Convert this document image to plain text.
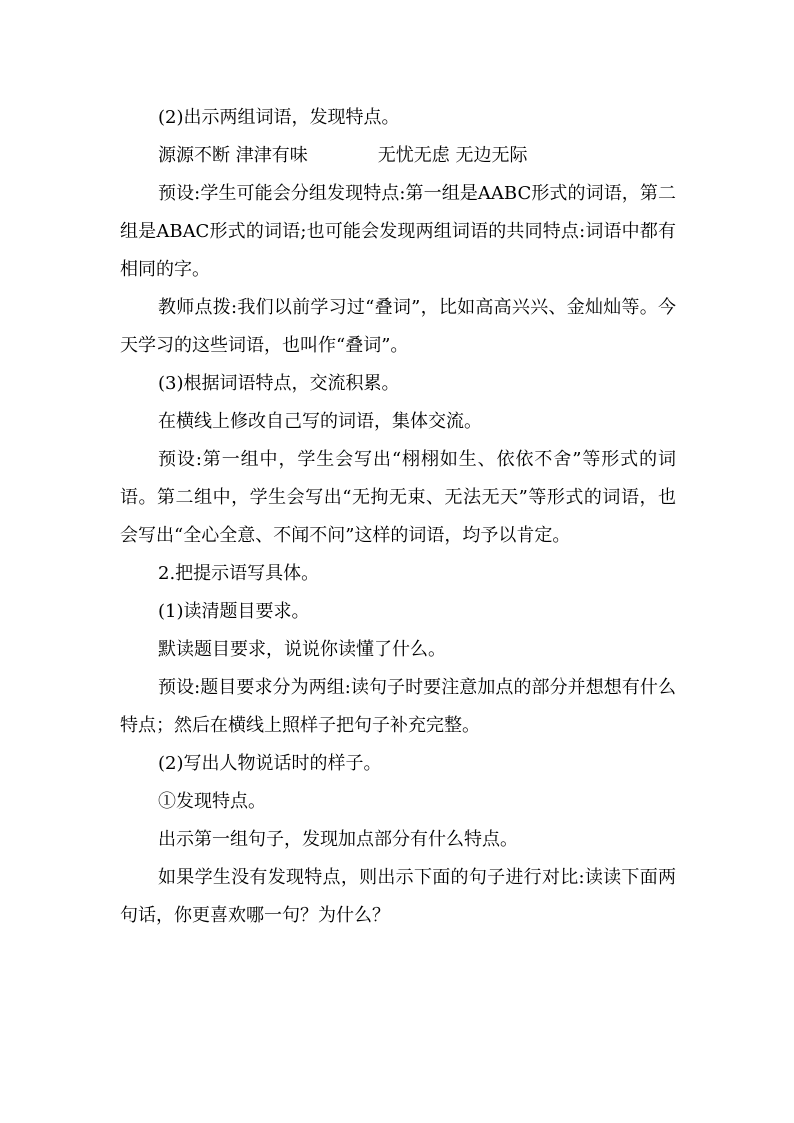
(2)出示两组词语，发现特点。

源源不断 津津有味	无忧无虑 无边无际

预设:学生可能会分组发现特点:第一组是AABC形式的词语，第二组是ABAC形式的词语;也可能会发现两组词语的共同特点:词语中都有相同的字。

教师点拨:我们以前学习过“叠词”，比如高高兴兴、金灿灿等。今天学习的这些词语，也叫作“叠词”。

(3)根据词语特点，交流积累。

在横线上修改自己写的词语，集体交流。

预设:第一组中，学生会写出“栩栩如生、依依不舍”等形式的词语。第二组中，学生会写出“无拘无束、无法无天”等形式的词语，也会写出“全心全意、不闻不问”这样的词语，均予以肯定。

2.把提示语写具体。

(1)读清题目要求。

默读题目要求，说说你读懂了什么。

预设:题目要求分为两组:读句子时要注意加点的部分并想想有什么特点；然后在横线上照样子把句子补充完整。

(2)写出人物说话时的样子。

①发现特点。

出示第一组句子，发现加点部分有什么特点。

如果学生没有发现特点，则出示下面的句子进行对比:读读下面两句话，你更喜欢哪一句？为什么？
